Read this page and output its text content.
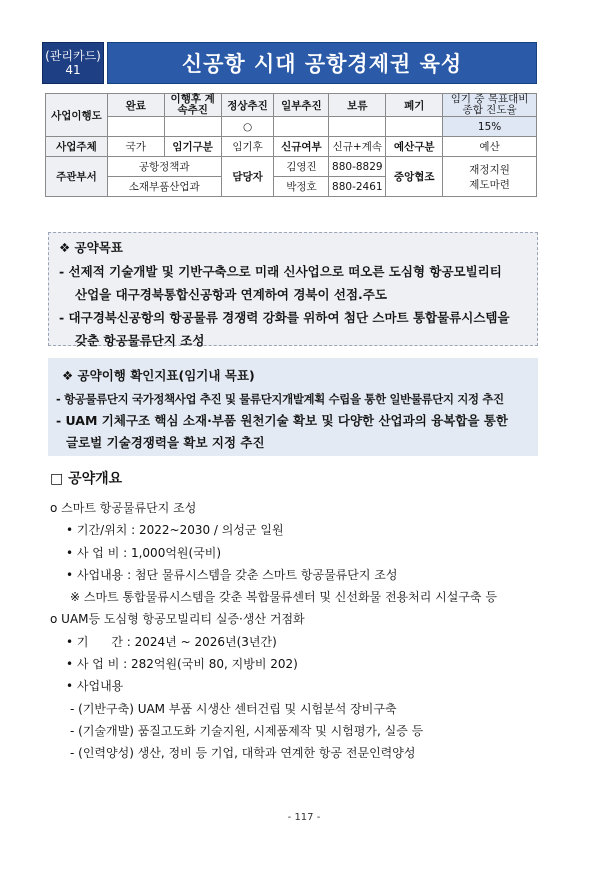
(관리카드)
41	신공항 시대 공항경제권 육성
사업이행도	완료	이행후 계속추진	정상추진	일부추진	보류	폐기	임기 중 목표대비 종합 진도율
			○				15%
사업주체	국가	임기구분	임기후	신규여부	신규+계속	예산구분	예산
주관부서	공항정책과		담당자	김영진	880-8829	중앙협조	재정지원
제도마련

	소재부품산업과			박정호	880-2461		
❖ 공약목표
- 선제적 기술개발 및 기반구축으로 미래 신사업으로 떠오른 도심형 항공모빌리티
산업을 대구경북통합신공항과 연계하여 경북이 선점.주도
- 대구경북신공항의 항공물류 경쟁력 강화를 위하여 첨단 스마트 통합물류시스템을
갖춘 항공물류단지 조성
❖ 공약이행 확인지표(임기내 목표)
- 항공물류단지 국가정책사업 추진 및 물류단지개발계획 수립을 통한 일반물류단지 지정 추진
- UAM 기체구조 핵심 소재·부품 원천기술 확보 및 다양한 산업과의 융복합을 통한
글로벌 기술경쟁력을 확보 지정 추진
□ 공약개요
o 스마트 항공물류단지 조성
• 기간/위치 : 2022~2030 / 의성군 일원
• 사 업 비 : 1,000억원(국비)
• 사업내용 : 첨단 물류시스템을 갖춘 스마트 항공물류단지 조성
※ 스마트 통합물류시스템을 갖춘 복합물류센터 및 신선화물 전용처리 시설구축 등
o UAM등 도심형 항공모빌리티 실증·생산 거점화
• 기      간 : 2024년 ~ 2026년(3년간)
• 사 업 비 : 282억원(국비 80, 지방비 202)
• 사업내용
- (기반구축) UAM 부품 시생산 센터건립 및 시험분석 장비구축
- (기술개발) 품질고도화 기술지원, 시제품제작 및 시험평가, 실증 등
- (인력양성) 생산, 정비 등 기업, 대학과 연계한 항공 전문인력양성
- 117 -
